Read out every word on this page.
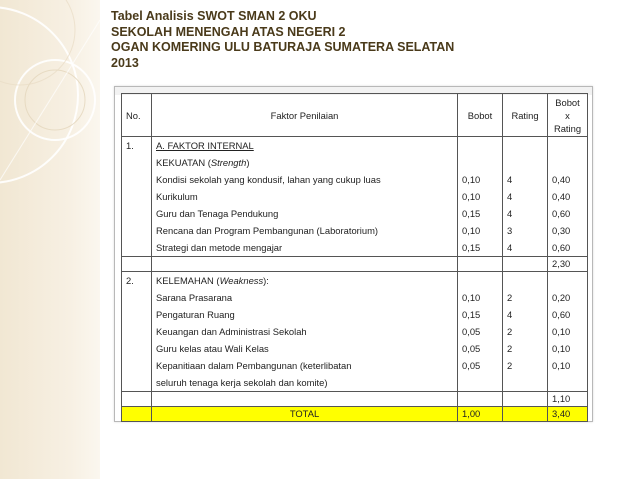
Tabel Analisis SWOT SMAN 2 OKU
SEKOLAH MENENGAH ATAS NEGERI 2
OGAN KOMERING ULU BATURAJA SUMATERA SELATAN
2013
No.	Faktor Penilaian	Bobot	Rating	Bobot
x
Rating
1.	A. FAKTOR INTERNAL			
	KEKUATAN (Strength)			
	Kondisi sekolah yang kondusif, lahan yang cukup luas	0,10	4	0,40
	Kurikulum	0,10	4	0,40
	Guru dan Tenaga Pendukung	0,15	4	0,60
	Rencana dan Program Pembangunan (Laboratorium)	0,10	3	0,30
	Strategi dan metode mengajar	0,15	4	0,60
				2,30
2.	KELEMAHAN (Weakness):			
	Sarana Prasarana	0,10	2	0,20
	Pengaturan Ruang	0,15	4	0,60
	Keuangan dan Administrasi Sekolah	0,05	2	0,10
	Guru kelas atau Wali Kelas	0,05	2	0,10
	Kepanitiaan dalam Pembangunan (keterlibatan	0,05	2	0,10
	seluruh tenaga kerja sekolah dan komite)			
				1,10
	TOTAL	1,00		3,40
